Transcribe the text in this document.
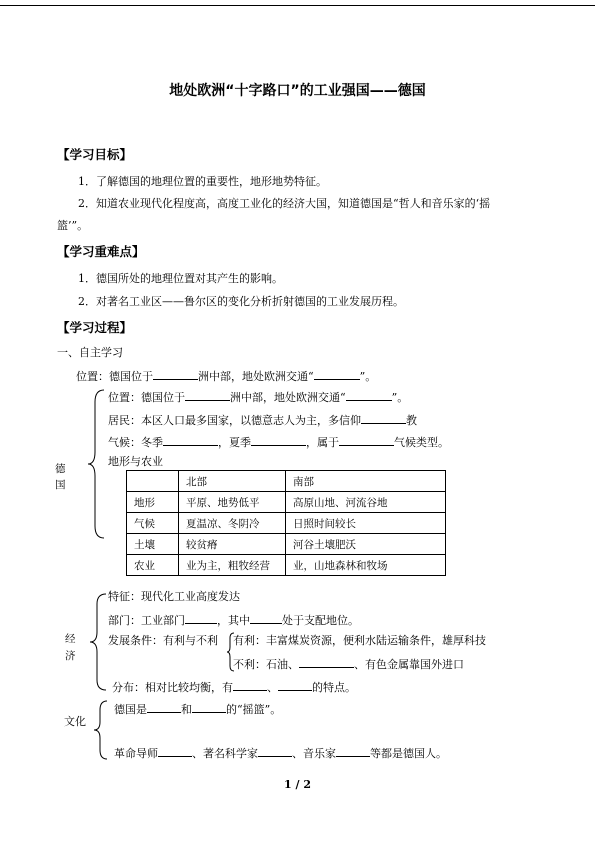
地处欧洲“十字路口”的工业强国——德国
【学习目标】
1．了解德国的地理位置的重要性，地形地势特征。
2．知道农业现代化程度高，高度工业化的经济大国，知道德国是“哲人和音乐家的‘摇
篮’”。
【学习重难点】
1．德国所处的地理位置对其产生的影响。
2．对著名工业区——鲁尔区的变化分析折射德国的工业发展历程。
【学习过程】
一、自主学习
位置：德国位于	洲中部，地处欧洲交通“	”。
德
国
位置：德国位于	洲中部，地处欧洲交通“	”。
居民：本区人口最多国家，以德意志人为主，多信仰	教
气候：冬季	，夏季	，属于	气候类型。
地形与农业
	北部	南部
地形	平原、地势低平	高原山地、河流谷地
气候	夏温凉、冬阴冷	日照时间较长
土壤	较贫瘠	河谷土壤肥沃
农业	业为主，粗牧经营	业，山地森林和牧场
经
济
特征：现代化工业高度发达
部门：工业部门	，其中	处于支配地位。
发展条件：有利与不利 有利：丰富煤炭资源，便利水陆运输条件，雄厚科技
不利：石油、	、有色金属靠国外进口
分布：相对比较均衡，有	、	的特点。
文化
德国是	和	的“摇篮”。
革命导师	、著名科学家	、音乐家	等都是德国人。
1 / 2
